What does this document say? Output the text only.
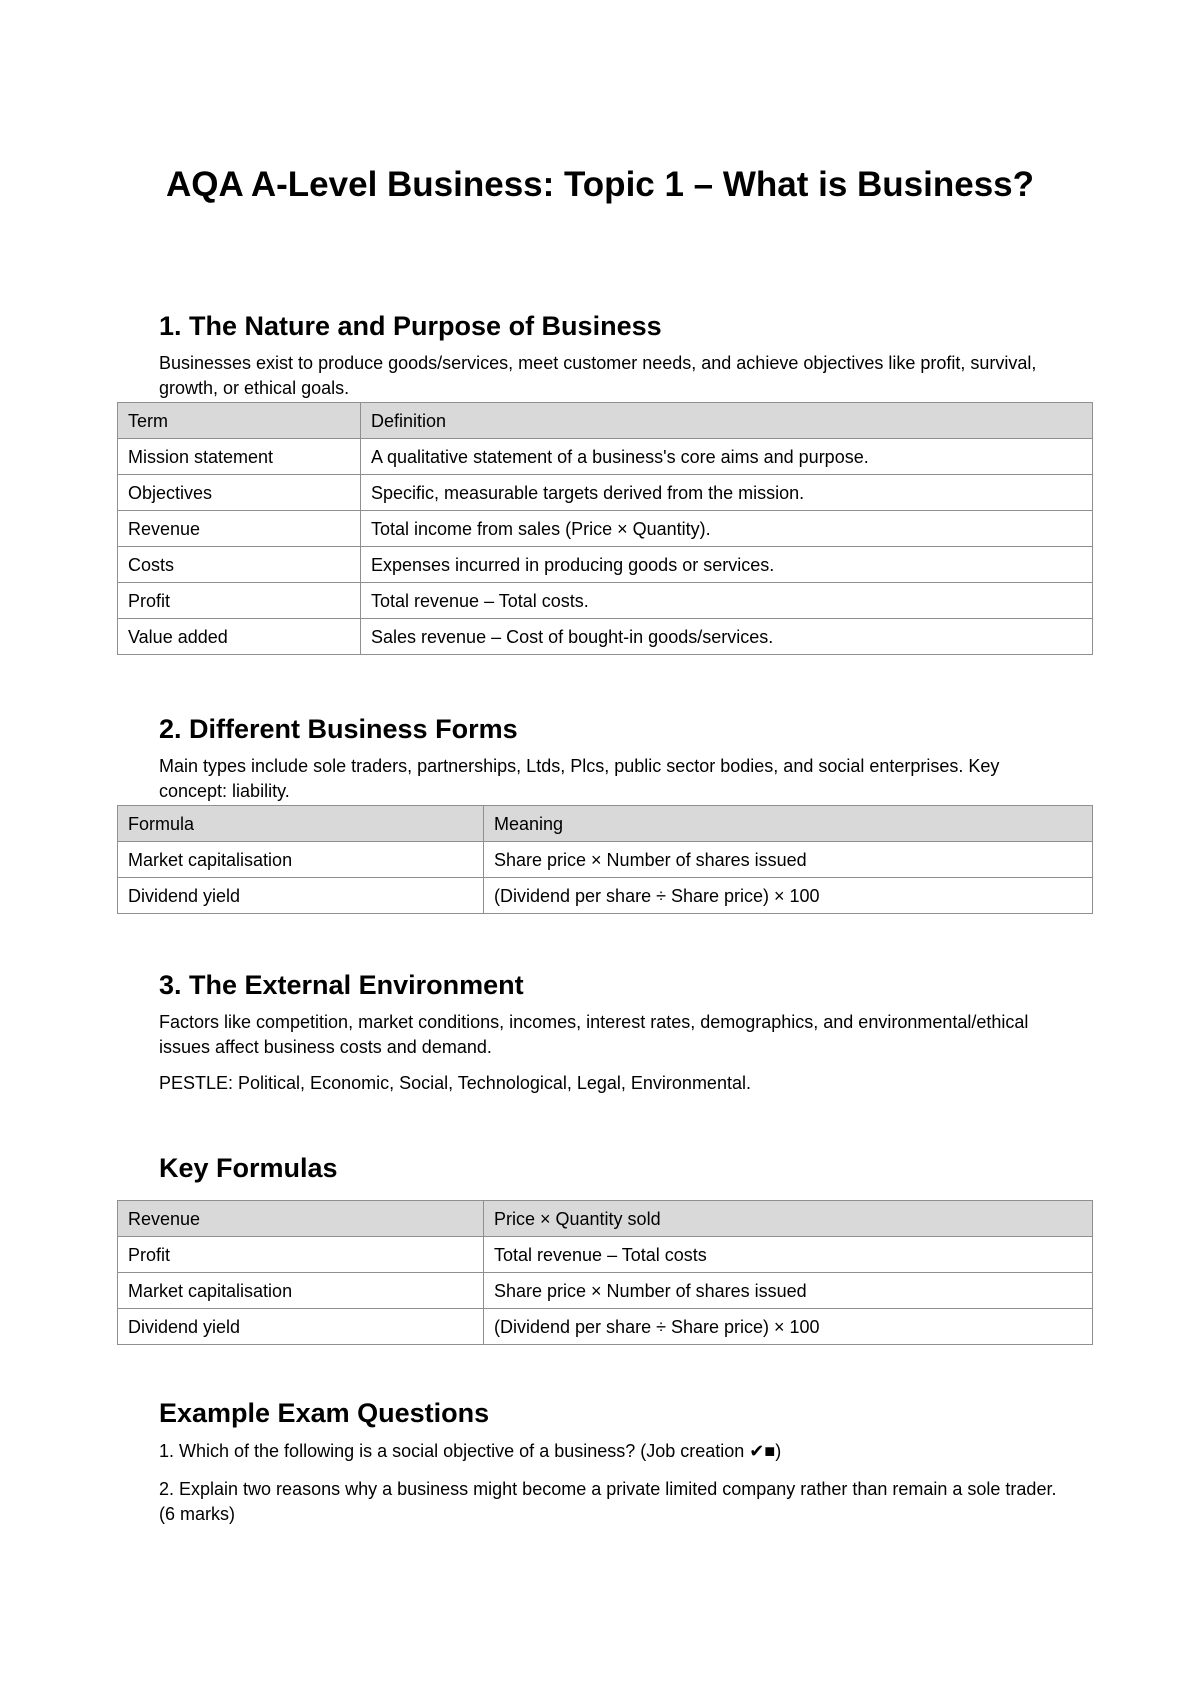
AQA A-Level Business: Topic 1 – What is Business?
1. The Nature and Purpose of Business

Businesses exist to produce goods/services, meet customer needs, and achieve objectives like profit, survival, growth, or ethical goals.

Term	Definition
Mission statement	A qualitative statement of a business's core aims and purpose.
Objectives	Specific, measurable targets derived from the mission.
Revenue	Total income from sales (Price × Quantity).
Costs	Expenses incurred in producing goods or services.
Profit	Total revenue – Total costs.
Value added	Sales revenue – Cost of bought-in goods/services.
2. Different Business Forms

Main types include sole traders, partnerships, Ltds, Plcs, public sector bodies, and social enterprises. Key concept: liability.

Formula	Meaning
Market capitalisation	Share price × Number of shares issued
Dividend yield	(Dividend per share ÷ Share price) × 100
3. The External Environment

Factors like competition, market conditions, incomes, interest rates, demographics, and environmental/ethical issues affect business costs and demand.

PESTLE: Political, Economic, Social, Technological, Legal, Environmental.

Key Formulas
Revenue	Price × Quantity sold
Profit	Total revenue – Total costs
Market capitalisation	Share price × Number of shares issued
Dividend yield	(Dividend per share ÷ Share price) × 100
Example Exam Questions

1. Which of the following is a social objective of a business? (Job creation ✔■)

2. Explain two reasons why a business might become a private limited company rather than remain a sole trader. (6 marks)
